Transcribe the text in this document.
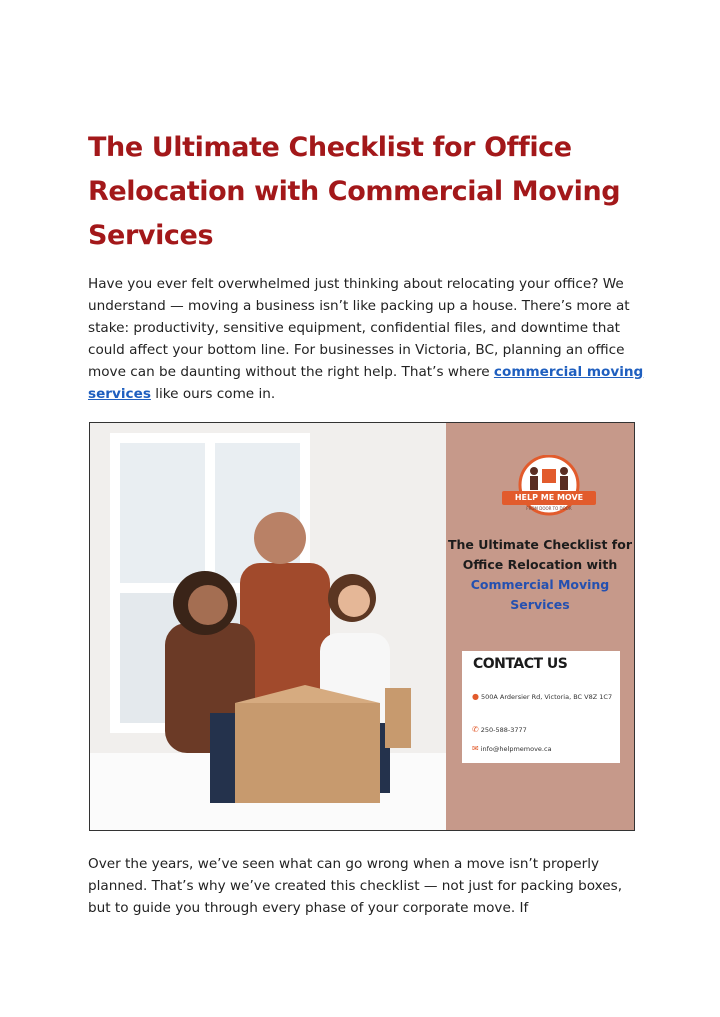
The Ultimate Checklist for Office Relocation with Commercial Moving Services

Have you ever felt overwhelmed just thinking about relocating your office? We understand — moving a business isn’t like packing up a house. There’s more at stake: productivity, sensitive equipment, confidential files, and downtime that could affect your bottom line. For businesses in Victoria, BC, planning an office move can be daunting without the right help. That’s where commercial moving services like ours come in.

HELP ME MOVE
FROM DOOR TO DOOR

The Ultimate Checklist for
Office Relocation with
Commercial Moving Services

CONTACT US
● 500A Ardersier Rd, Victoria, BC V8Z 1C7
✆ 250-588-3777
✉ info@helpmemove.ca

Over the years, we’ve seen what can go wrong when a move isn’t properly planned. That’s why we’ve created this checklist — not just for packing boxes, but to guide you through every phase of your corporate move. If
